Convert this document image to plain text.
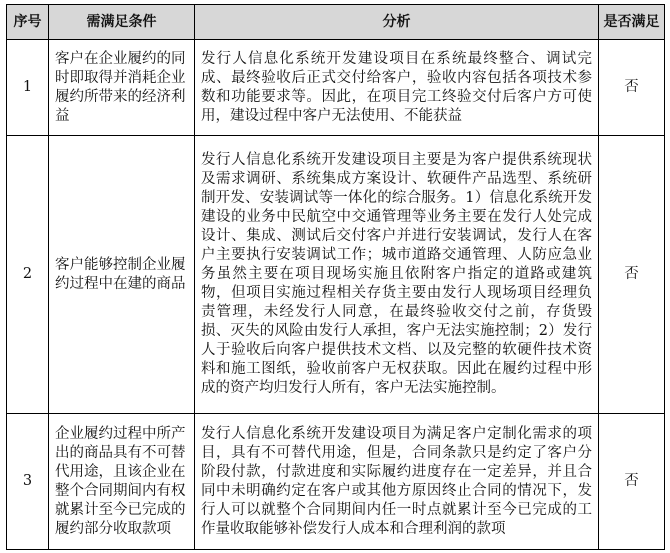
序号	需满足条件	分析	是否满足
1	客户在企业履约的同时即取得并消耗企业履约所带来的经济利益	发行人信息化系统开发建设项目在系统最终整合、调试完成、最终验收后正式交付给客户，验收内容包括各项技术参数和功能要求等。因此，在项目完工终验交付后客户方可使用，建设过程中客户无法使用、不能获益	否
2	客户能够控制企业履约过程中在建的商品	发行人信息化系统开发建设项目主要是为客户提供系统现状及需求调研、系统集成方案设计、软硬件产品选型、系统研制开发、安装调试等一体化的综合服务。1）信息化系统开发建设的业务中民航空中交通管理等业务主要在发行人处完成设计、集成、测试后交付客户并进行安装调试，发行人在客户主要执行安装调试工作；城市道路交通管理、人防应急业务虽然主要在项目现场实施且依附客户指定的道路或建筑物，但项目实施过程相关存货主要由发行人现场项目经理负责管理，未经发行人同意，在最终验收交付之前，存货毁损、灭失的风险由发行人承担，客户无法实施控制；2）发行人于验收后向客户提供技术文档、以及完整的软硬件技术资料和施工图纸，验收前客户无权获取。因此在履约过程中形成的资产均归发行人所有，客户无法实施控制。	否
3	企业履约过程中所产出的商品具有不可替代用途，且该企业在整个合同期间内有权就累计至今已完成的履约部分收取款项	发行人信息化系统开发建设项目为满足客户定制化需求的项目，具有不可替代用途，但是，合同条款只是约定了客户分阶段付款，付款进度和实际履约进度存在一定差异，并且合同中未明确约定在客户或其他方原因终止合同的情况下，发行人可以就整个合同期间内任一时点就累计至今已完成的工作量收取能够补偿发行人成本和合理利润的款项	否
